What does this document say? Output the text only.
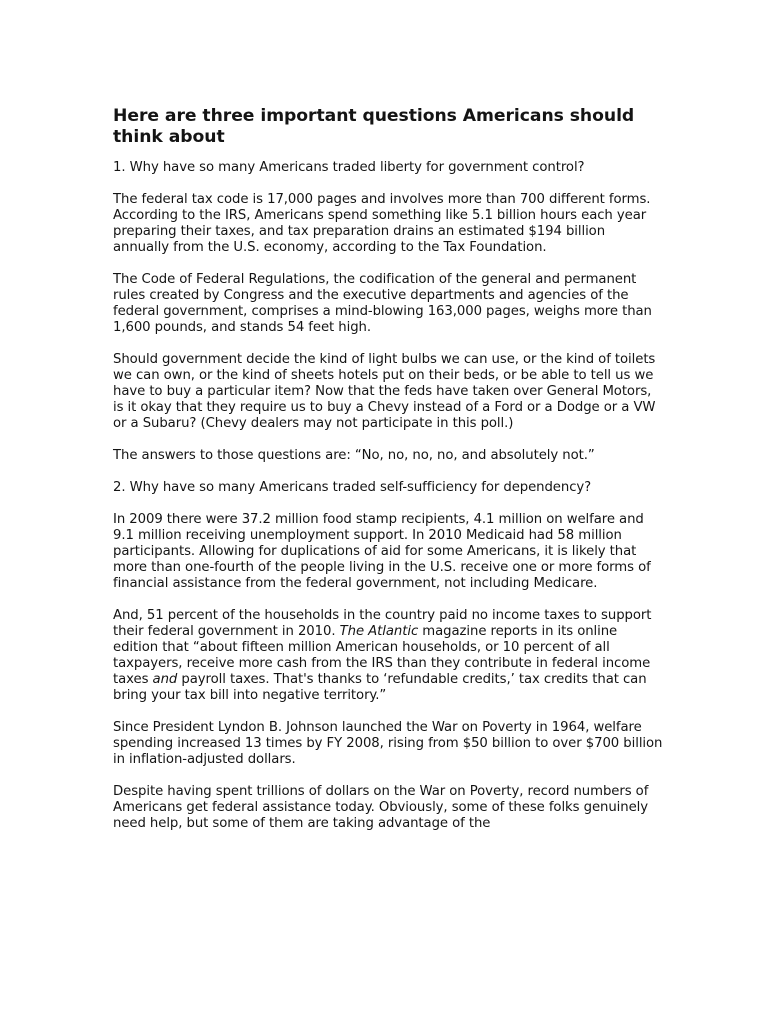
Here are three important questions Americans should think about

1. Why have so many Americans traded liberty for government control?

The federal tax code is 17,000 pages and involves more than 700 different forms. According to the IRS, Americans spend something like 5.1 billion hours each year preparing their taxes, and tax preparation drains an estimated $194 billion annually from the U.S. economy, according to the Tax Foundation.

The Code of Federal Regulations, the codification of the general and permanent rules created by Congress and the executive departments and agencies of the federal government, comprises a mind-blowing 163,000 pages, weighs more than 1,600 pounds, and stands 54 feet high.

Should government decide the kind of light bulbs we can use, or the kind of toilets we can own, or the kind of sheets hotels put on their beds, or be able to tell us we have to buy a particular item? Now that the feds have taken over General Motors, is it okay that they require us to buy a Chevy instead of a Ford or a Dodge or a VW or a Subaru? (Chevy dealers may not participate in this poll.)

The answers to those questions are: “No, no, no, no, and absolutely not.”

2. Why have so many Americans traded self-sufficiency for dependency?

In 2009 there were 37.2 million food stamp recipients, 4.1 million on welfare and 9.1 million receiving unemployment support. In 2010 Medicaid had 58 million participants. Allowing for duplications of aid for some Americans, it is likely that more than one-fourth of the people living in the U.S. receive one or more forms of financial assistance from the federal government, not including Medicare.

And, 51 percent of the households in the country paid no income taxes to support their federal government in 2010. The Atlantic magazine reports in its online edition that “about fifteen million American households, or 10 percent of all taxpayers, receive more cash from the IRS than they contribute in federal income taxes and payroll taxes. That's thanks to ‘refundable credits,’ tax credits that can bring your tax bill into negative territory.”

Since President Lyndon B. Johnson launched the War on Poverty in 1964, welfare spending increased 13 times by FY 2008, rising from $50 billion to over $700 billion in inflation-adjusted dollars.

Despite having spent trillions of dollars on the War on Poverty, record numbers of Americans get federal assistance today. Obviously, some of these folks genuinely need help, but some of them are taking advantage of the
